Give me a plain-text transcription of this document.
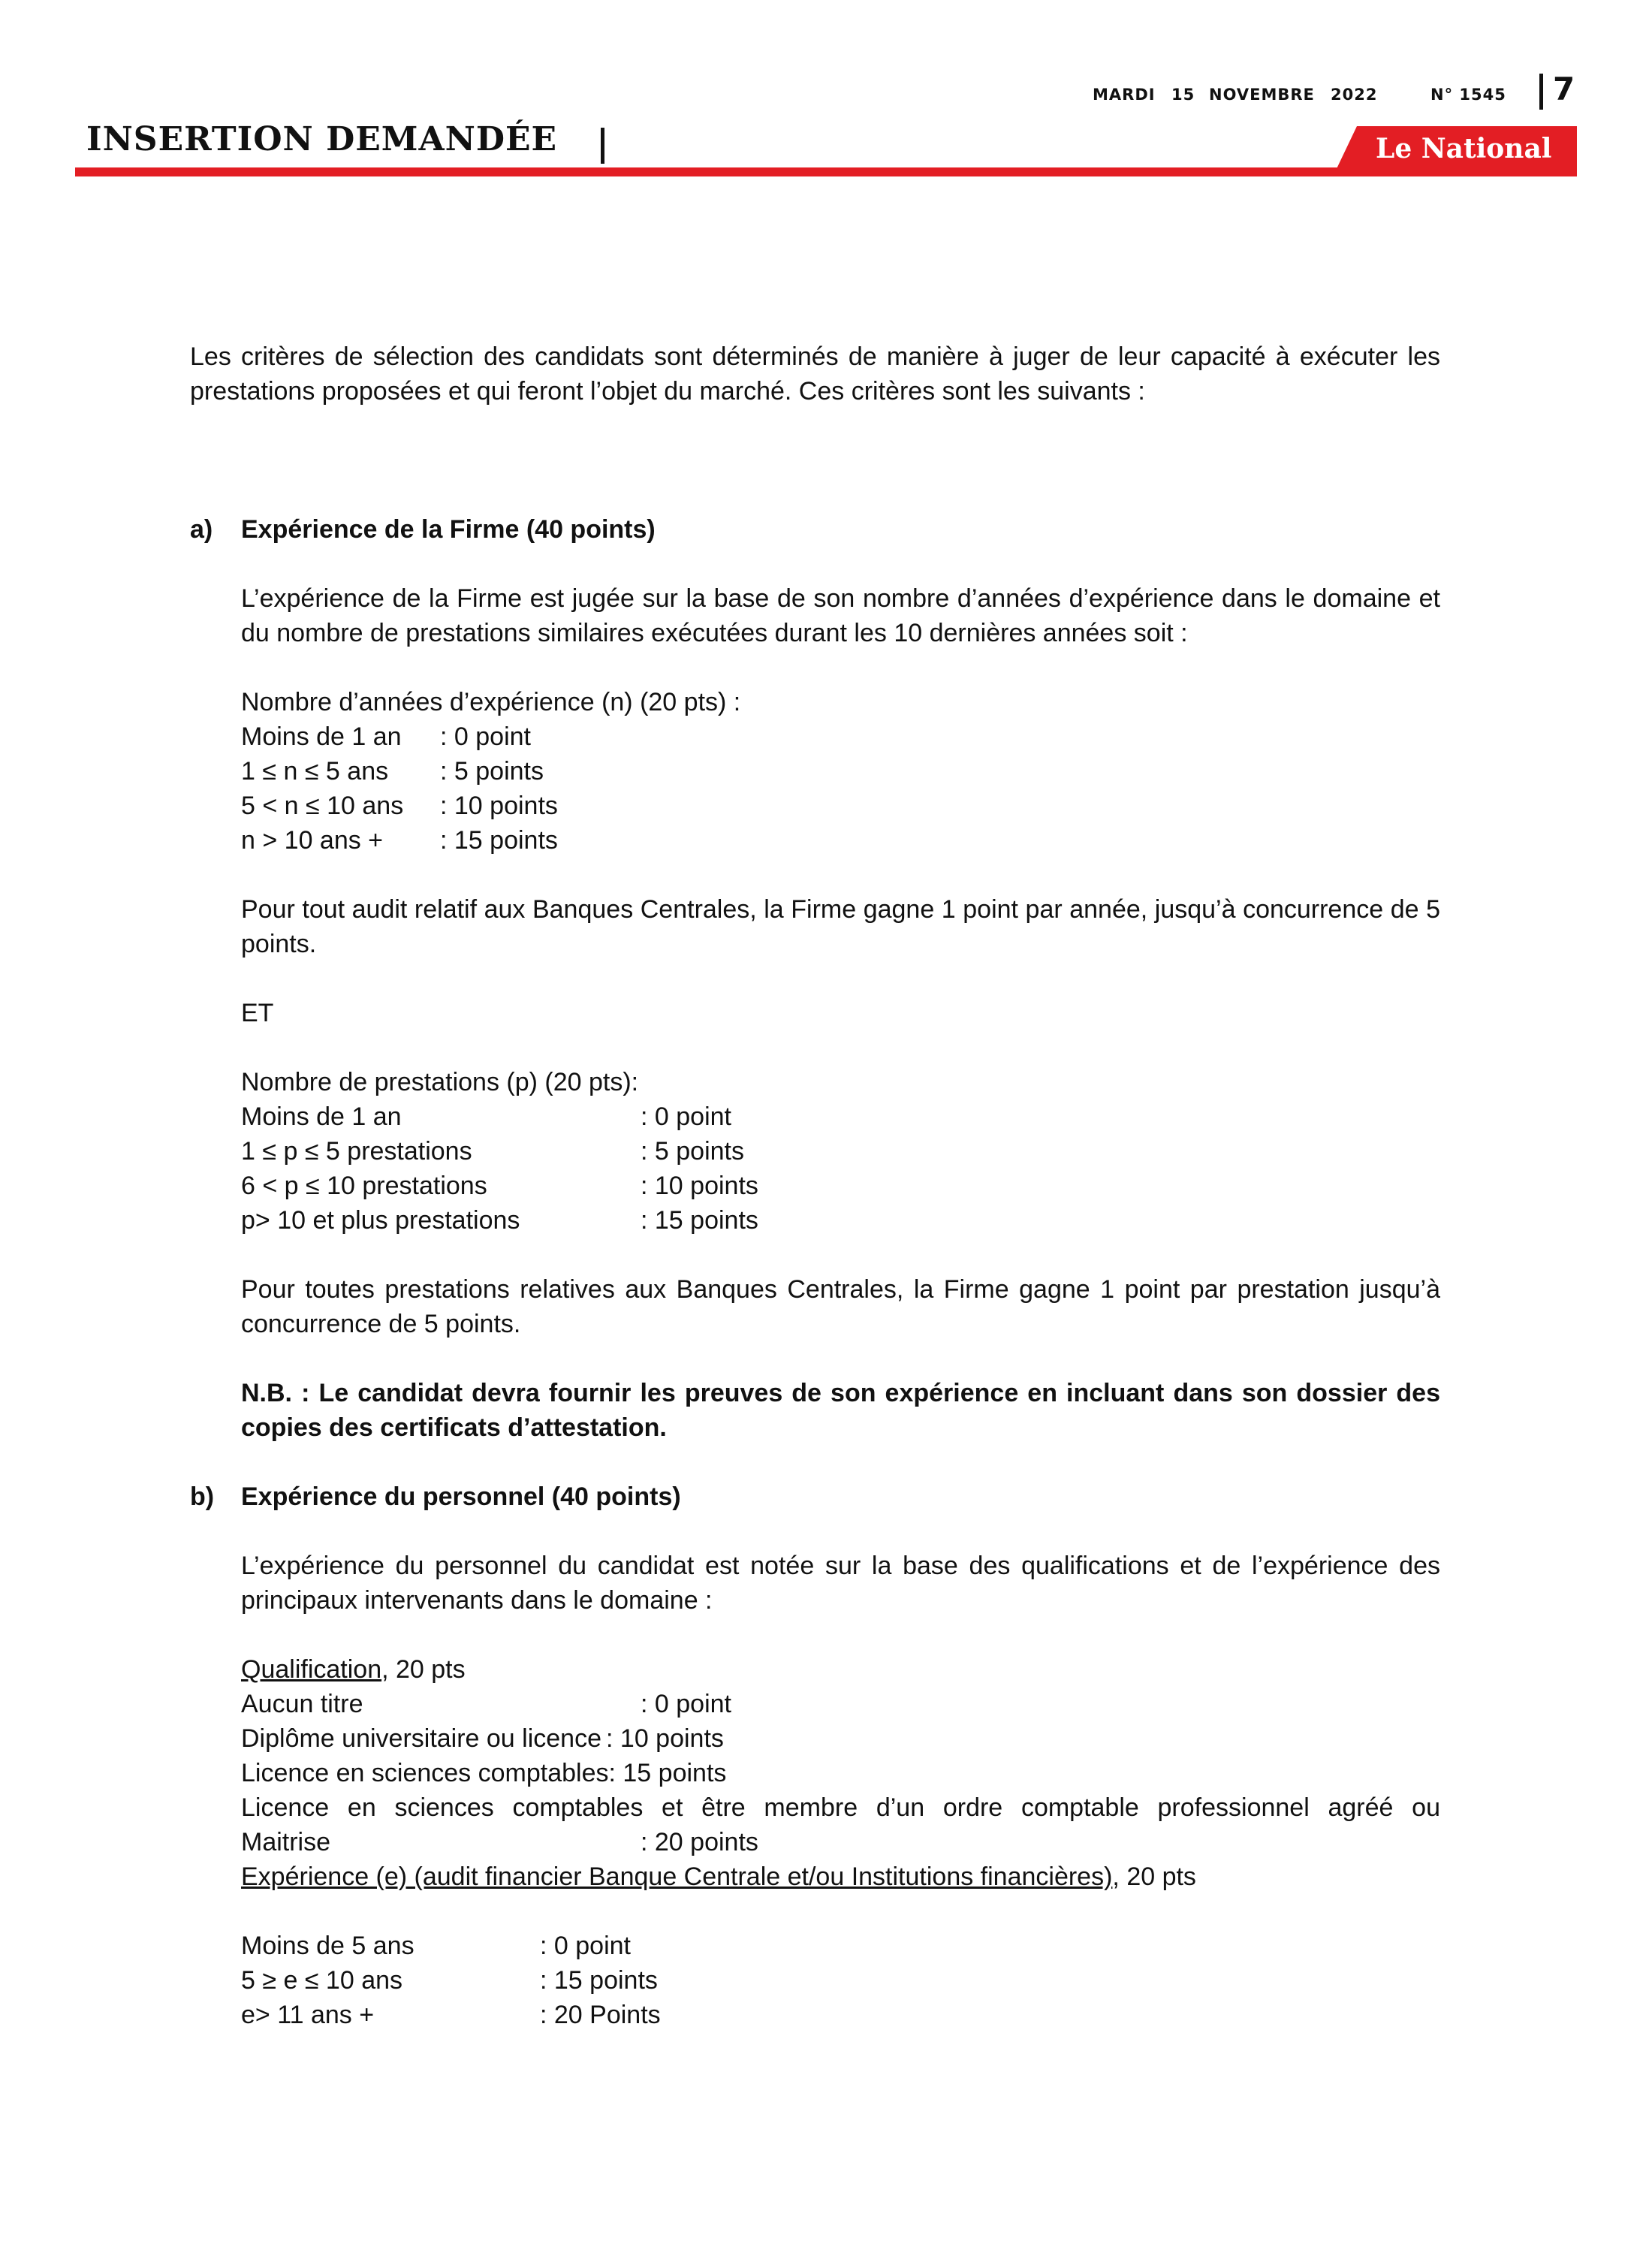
INSERTION DEMANDÉE
MARDI 15 NOVEMBRE 2022	N° 1545 7
Le National

Les critères de sélection des candidats sont déterminés de manière à juger de leur capacité à exécuter les prestations proposées et qui feront l’objet du marché. Ces critères sont les suivants :

a)	Expérience de la Firme (40 points)

L’expérience de la Firme est jugée sur la base de son nombre d’années d’expérience dans le domaine et du nombre de prestations similaires exécutées durant les 10 dernières années soit :

Nombre d’années d’expérience (n) (20 pts) :
Moins de 1 an	: 0 point
1 ≤ n ≤ 5 ans	: 5 points
5 < n ≤ 10 ans	: 10 points
n > 10 ans +	: 15 points

Pour tout audit relatif aux Banques Centrales, la Firme gagne 1 point par année, jusqu’à concurrence de 5 points.

ET
Nombre de prestations (p) (20 pts):
Moins de 1 an	: 0 point
1 ≤ p ≤ 5 prestations	: 5 points
6 < p ≤ 10 prestations	: 10 points
p> 10 et plus prestations	: 15 points

Pour toutes prestations relatives aux Banques Centrales, la Firme gagne 1 point par prestation jusqu’à concurrence de 5 points.

N.B. : Le candidat devra fournir les preuves de son expérience en incluant dans son dossier des copies des certificats d’attestation.

b)	Expérience du personnel (40 points)

L’expérience du personnel du candidat est notée sur la base des qualifications et de l’expérience des principaux intervenants dans le domaine :

Qualification, 20 pts
Aucun titre	: 0 point
Diplôme universitaire ou licence : 10 points
Licence en sciences comptables : 15 points

Licence en sciences comptables et être membre d’un ordre comptable professionnel agréé ou

Maitrise	: 20 points
Expérience (e) (audit financier Banque Centrale et/ou Institutions financières), 20 pts
Moins de 5 ans	: 0 point
5 ≥ e ≤ 10 ans	: 15 points
e> 11 ans +	: 20 Points
